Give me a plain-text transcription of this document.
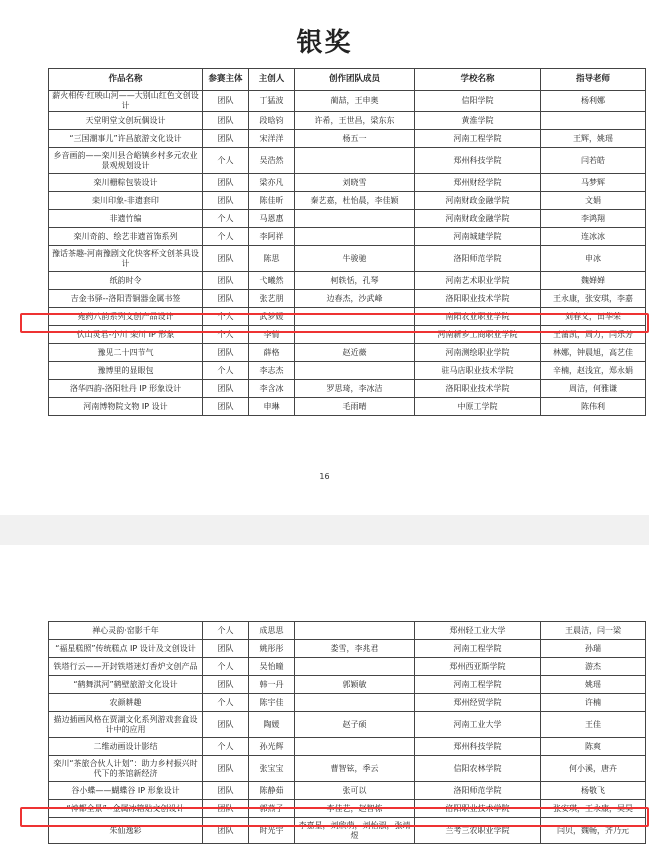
银奖
作品名称	参赛主体	主创人	创作团队成员	学校名称	指导老师
薪火相传·红映山河——大别山红色文创设计	团队	丁猛波	蔺喆，王申奥	信阳学院	杨利娜
天堂明堂文创玩偶设计	团队	段晗钧	许希，王世昌，梁东东	黄淮学院	
“三国潮事儿”许昌旅游文化设计	团队	宋洋洋	杨五一	河南工程学院	王辉，姚瑶
乡音画韵——栾川县合峪镇乡村多元农业景观规划设计	个人	吴浩然		郑州科技学院	闫若皓
栾川栅粽包装设计	团队	梁亦凡	刘晓雪	郑州财经学院	马梦辉
栾川印象-非遗套印	团队	陈佳昕	秦艺嘉，杜怡晨，李佳颖	河南财政金融学院	文娟
非遗竹编	个人	马恩惠		河南财政金融学院	李鸿翔
栾川奇韵、绘艺非遗首饰系列	个人	李阿祥		河南城建学院	连冰冰
豫话茶趣-河南豫剧文化快客杯文创茶具设计	团队	陈思	牛骏驰	洛阳师范学院	申冰
纸韵时令	团队	弋曦然	柯轶恬，孔琴	河南艺术职业学院	魏婵婵
吉金书驿--洛阳青铜器金属书签	团队	张艺朋	边春杰，沙武峰	洛阳职业技术学院	王永康，张安琪，李嘉
宛药八韵系列文创产品设计	个人	武梦媛		南阳农业职业学院	刘春义，田华荣
伏山灵君-小川 栾川 IP 形象	个人	李倩		河南新乡工商职业学院	王蒲凯，周力，闫乐芳
豫见二十四节气	团队	薛格	赵近薇	河南测绘职业学院	林娜，钟晨旭，高艺佳
豫博里的显眼包	个人	李志杰		驻马店职业技术学院	辛楠，赵浅宜，郑永娟
洛华四韵-洛阳牡丹 IP 形象设计	团队	李含冰	罗思琦，李冰洁	洛阳职业技术学院	周洁，何雅谦
河南博物院文物 IP 设计	团队	申琳	毛雨晴	中原工学院	陈伟利
16
禅心灵韵·窑影千年	个人	成思思		郑州轻工业大学	王晨洁，闫一梁
“福星糕照”传统糕点 IP 设计及文创设计	团队	姚彤彤	娄雪，李兆君	河南工程学院	孙瑞
铁塔行云——开封铁塔迷灯香炉文创产品	个人	吴怡曈		郑州西亚斯学院	游杰
“鹤舞淇河”鹤壁旅游文化设计	团队	韩一丹	郭颖敏	河南工程学院	姚瑶
农颜耕趣	个人	陈宇佳		郑州经贸学院	许楠
描边插画风格在贾湖文化系列游戏套盒设计中的应用	团队	陶媛	赵子硕	河南工业大学	王佳
二维动画设计影结	个人	孙光辉		郑州科技学院	陈爽
栾川“茶旅合伙人计划”：助力乡村振兴时代下的茶馆新经济	团队	张宝宝	曹智铉，季云	信阳农林学院	何小溪，唐卉
谷小蝶——蝴蝶谷 IP 形象设计	团队	陈静茹	张可以	洛阳师范学院	杨敬飞
“神都全景”--金属冰箱贴文创设计	团队	郭燕子	李佳艺，赵智栋	洛阳职业技术学院	张安琪，王永康，吴昊
朱仙逸彩	团队	时光宇	李嘉星，刘欣萌，刘怡淑，张靖煜	兰考三农职业学院	闫贝，魏畅，齐乃元
